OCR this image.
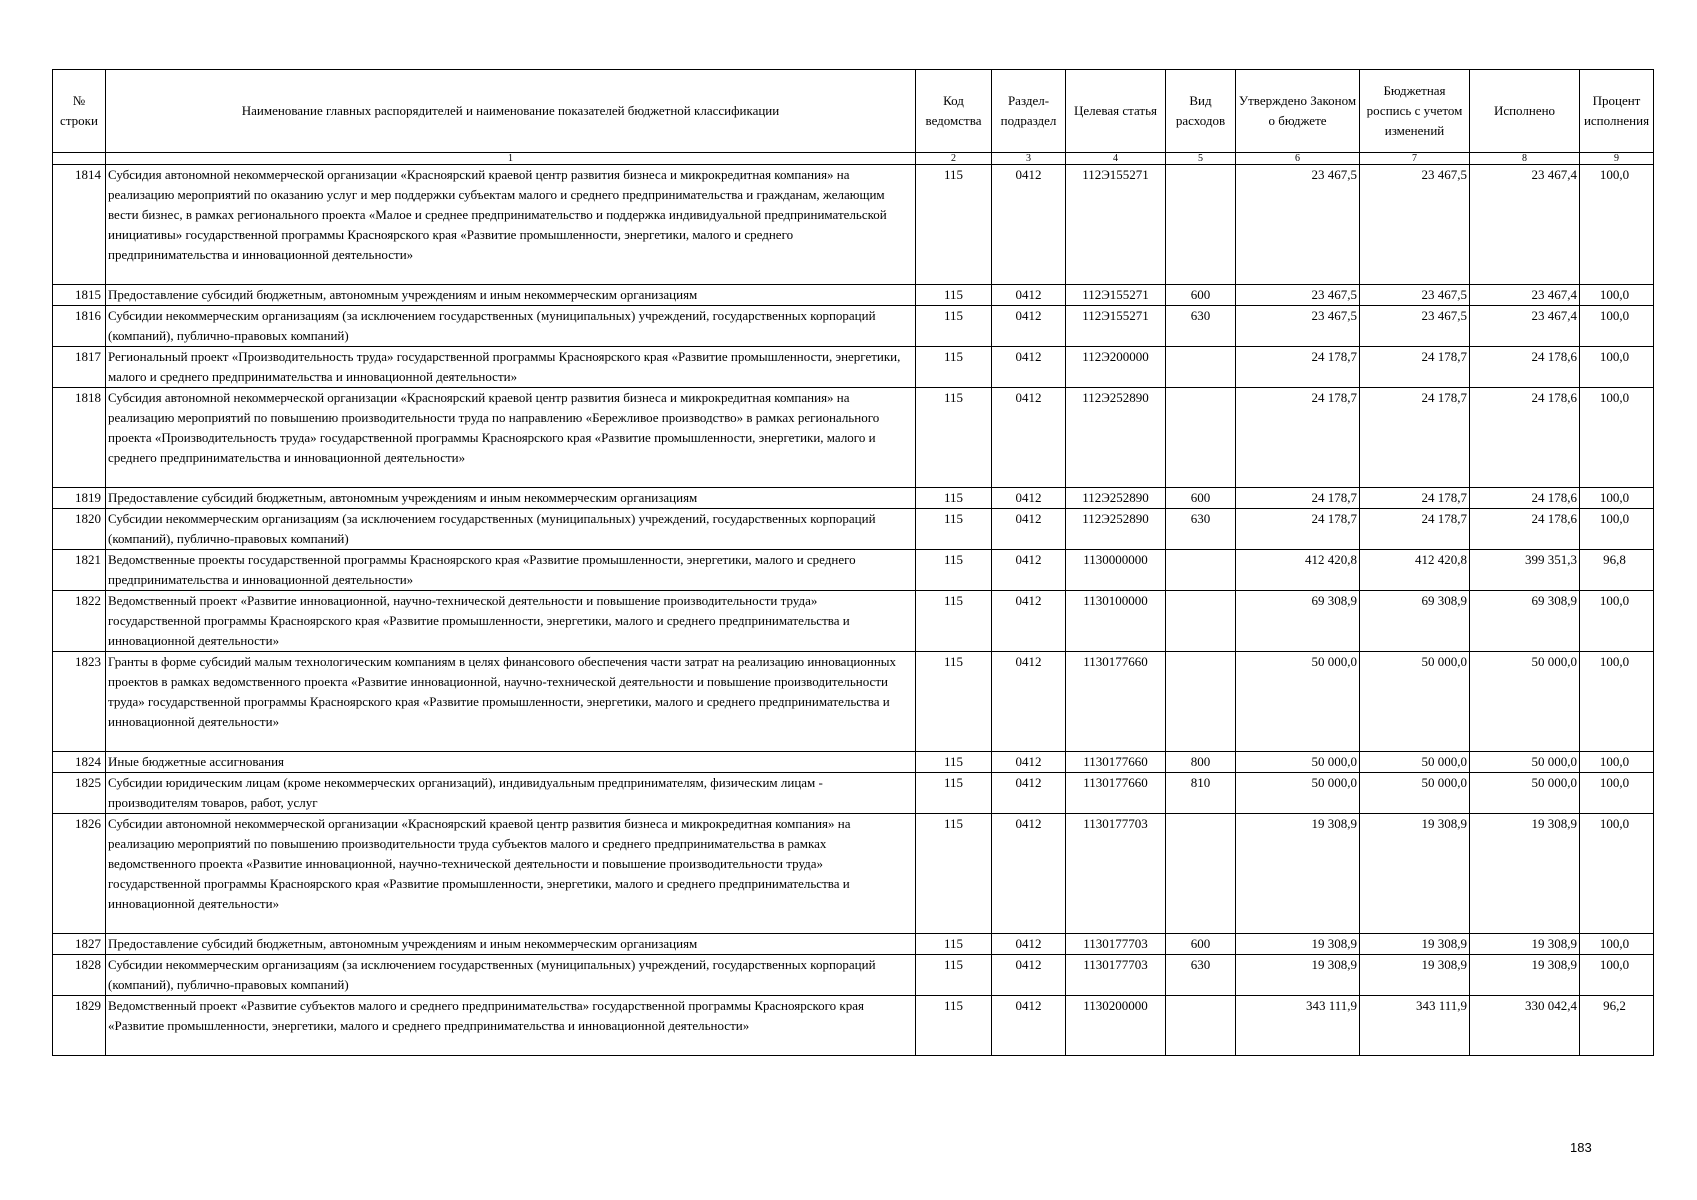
№ строки	Наименование главных распорядителей и наименование показателей бюджетной классификации	Код ведомства	Раздел-подраздел	Целевая статья	Вид расходов	Утверждено Законом о бюджете	Бюджетная роспись с учетом изменений	Исполнено	Процент исполнения
	1	2	3	4	5	6	7	8	9
1814	Субсидия автономной некоммерческой организации «Красноярский краевой центр развития бизнеса и микрокредитная компания» на реализацию мероприятий по оказанию услуг и мер поддержки субъектам малого и среднего предпринимательства и гражданам, желающим вести бизнес, в рамках регионального проекта «Малое и среднее предпринимательство и поддержка индивидуальной предпринимательской инициативы» государственной программы Красноярского края «Развитие промышленности, энергетики, малого и среднего предпринимательства и инновационной деятельности»	115	0412	112Э155271		23 467,5	23 467,5	23 467,4	100,0
1815	Предоставление субсидий бюджетным, автономным учреждениям и иным некоммерческим организациям	115	0412	112Э155271	600	23 467,5	23 467,5	23 467,4	100,0
1816	Субсидии некоммерческим организациям (за исключением государственных (муниципальных) учреждений, государственных корпораций (компаний), публично-правовых компаний)	115	0412	112Э155271	630	23 467,5	23 467,5	23 467,4	100,0
1817	Региональный проект «Производительность труда» государственной программы Красноярского края «Развитие промышленности, энергетики, малого и среднего предпринимательства и инновационной деятельности»	115	0412	112Э200000		24 178,7	24 178,7	24 178,6	100,0
1818	Субсидия автономной некоммерческой организации «Красноярский краевой центр развития бизнеса и микрокредитная компания» на реализацию мероприятий по повышению производительности труда по направлению «Бережливое производство» в рамках регионального проекта «Производительность труда» государственной программы Красноярского края «Развитие промышленности, энергетики, малого и среднего предпринимательства и инновационной деятельности»	115	0412	112Э252890		24 178,7	24 178,7	24 178,6	100,0
1819	Предоставление субсидий бюджетным, автономным учреждениям и иным некоммерческим организациям	115	0412	112Э252890	600	24 178,7	24 178,7	24 178,6	100,0
1820	Субсидии некоммерческим организациям (за исключением государственных (муниципальных) учреждений, государственных корпораций (компаний), публично-правовых компаний)	115	0412	112Э252890	630	24 178,7	24 178,7	24 178,6	100,0
1821	Ведомственные проекты государственной программы Красноярского края «Развитие промышленности, энергетики, малого и среднего предпринимательства и инновационной деятельности»	115	0412	1130000000		412 420,8	412 420,8	399 351,3	96,8
1822	Ведомственный проект «Развитие инновационной, научно-технической деятельности и повышение производительности труда» государственной программы Красноярского края «Развитие промышленности, энергетики, малого и среднего предпринимательства и инновационной деятельности»	115	0412	1130100000		69 308,9	69 308,9	69 308,9	100,0
1823	Гранты в форме субсидий малым технологическим компаниям в целях финансового обеспечения части затрат на реализацию инновационных проектов в рамках ведомственного проекта «Развитие инновационной, научно-технической деятельности и повышение производительности труда» государственной программы Красноярского края «Развитие промышленности, энергетики, малого и среднего предпринимательства и инновационной деятельности»	115	0412	1130177660		50 000,0	50 000,0	50 000,0	100,0
1824	Иные бюджетные ассигнования	115	0412	1130177660	800	50 000,0	50 000,0	50 000,0	100,0
1825	Субсидии юридическим лицам (кроме некоммерческих организаций), индивидуальным предпринимателям, физическим лицам - производителям товаров, работ, услуг	115	0412	1130177660	810	50 000,0	50 000,0	50 000,0	100,0
1826	Субсидии автономной некоммерческой организации «Красноярский краевой центр развития бизнеса и микрокредитная компания» на реализацию мероприятий по повышению производительности труда субъектов малого и среднего предпринимательства в рамках ведомственного проекта «Развитие инновационной, научно-технической деятельности и повышение производительности труда» государственной программы Красноярского края «Развитие промышленности, энергетики, малого и среднего предпринимательства и инновационной деятельности»	115	0412	1130177703		19 308,9	19 308,9	19 308,9	100,0
1827	Предоставление субсидий бюджетным, автономным учреждениям и иным некоммерческим организациям	115	0412	1130177703	600	19 308,9	19 308,9	19 308,9	100,0
1828	Субсидии некоммерческим организациям (за исключением государственных (муниципальных) учреждений, государственных корпораций (компаний), публично-правовых компаний)	115	0412	1130177703	630	19 308,9	19 308,9	19 308,9	100,0
1829	Ведомственный проект «Развитие субъектов малого и среднего предпринимательства» государственной программы Красноярского края «Развитие промышленности, энергетики, малого и среднего предпринимательства и инновационной деятельности»	115	0412	1130200000		343 111,9	343 111,9	330 042,4	96,2
183
